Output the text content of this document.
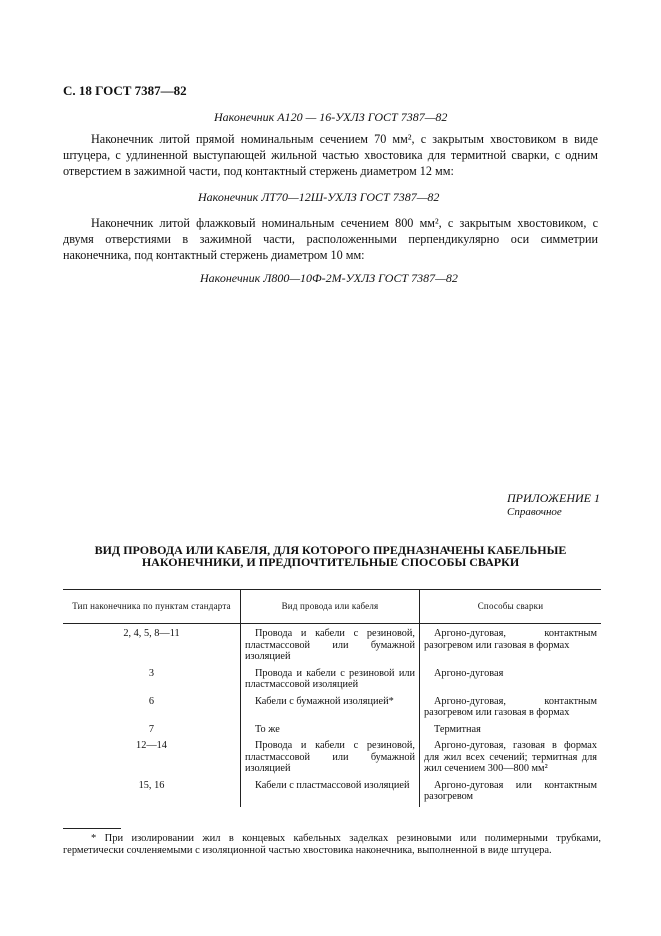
С. 18 ГОСТ 7387—82
Наконечник А120 — 16-УХЛЗ ГОСТ 7387—82
Наконечник литой прямой номинальным сечением 70 мм², с закрытым хвостовиком в виде штуцера, с удлиненной выступающей жильной частью хвостовика для термитной сварки, с одним отверстием в зажимной части, под контактный стержень диаметром 12 мм:
Наконечник ЛТ70—12Ш-УХЛЗ ГОСТ 7387—82
Наконечник литой флажковый номинальным сечением 800 мм², с закрытым хвостовиком, с двумя отверстиями в зажимной части, расположенными перпендикулярно оси симметрии наконечника, под контактный стержень диаметром 10 мм:
Наконечник Л800—10Ф-2М-УХЛЗ ГОСТ 7387—82
ПРИЛОЖЕНИЕ 1
Справочное
ВИД ПРОВОДА ИЛИ КАБЕЛЯ, ДЛЯ КОТОРОГО ПРЕДНАЗНАЧЕНЫ КАБЕЛЬНЫЕ НАКОНЕЧНИКИ, И ПРЕДПОЧТИТЕЛЬНЫЕ СПОСОБЫ СВАРКИ
Тип наконечника по пунктам стандарта	Вид провода или кабеля	Способы сварки
2, 4, 5, 8—11	Провода и кабели с резиновой, пластмассовой или бумажной изоляцией	Аргоно-дуговая, контактным разогревом или газовая в формах
3	Провода и кабели с резиновой или пластмассовой изоляцией	Аргоно-дуговая
6	Кабели с бумажной изоляцией*	Аргоно-дуговая, контактным разогревом или газовая в формах
7	То же	Термитная
12—14	Провода и кабели с резиновой, пластмассовой или бумажной изоляцией	Аргоно-дуговая, газовая в формах для жил всех сечений; термитная для жил сечением 300—800 мм²
15, 16	Кабели с пластмассовой изоляцией	Аргоно-дуговая или контактным разогревом
* При изолировании жил в концевых кабельных заделках резиновыми или полимерными трубками, герметически сочленяемыми с изоляционной частью хвостовика наконечника, выполненной в виде штуцера.
